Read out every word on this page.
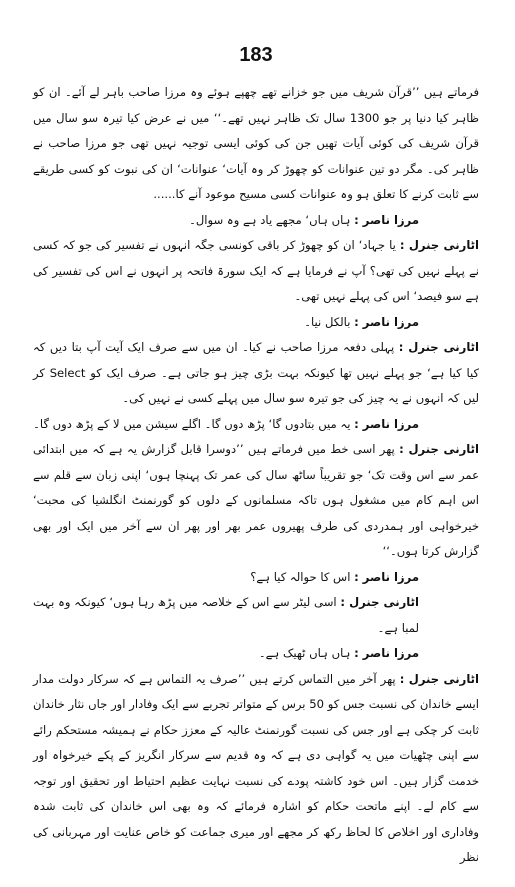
183

فرماتے ہیں ’’قرآن شریف میں جو خزانے تھے چھپے ہوئے وہ مرزا صاحب باہر لے آئے۔ ان کو ظاہر کیا دنیا پر جو 1300 سال تک ظاہر نہیں تھے۔‘‘ میں نے عرض کیا تیرہ سو سال میں قرآن شریف کی کوئی آیات تھیں جن کی کوئی ایسی توجیہ نہیں تھی جو مرزا صاحب نے ظاہر کی۔ مگر دو تین عنوانات کو چھوڑ کر وہ آیات‘ عنوانات‘ ان کی نبوت کو کسی طریقے سے ثابت کرنے کا تعلق ہو وہ عنوانات کسی مسیح موعود آنے کا......

مرزا ناصر : ہاں ہاں‘ مجھے یاد ہے وہ سوال۔

اٹارنی جنرل : یا جہاد‘ ان کو چھوڑ کر باقی کونسی جگہ انہوں نے تفسیر کی جو کہ کسی نے پہلے نہیں کی تھی؟ آپ نے فرمایا ہے کہ ایک سورۃ فاتحہ پر انہوں نے اس کی تفسیر کی ہے سو فیصد‘ اس کی پہلے نہیں تھی۔

مرزا ناصر : بالکل نیا۔

اٹارنی جنرل : پہلی دفعہ مرزا صاحب نے کیا۔ ان میں سے صرف ایک آیت آپ بتا دیں کہ کیا کیا ہے‘ جو پہلے نہیں تھا کیونکہ بہت بڑی چیز ہو جاتی ہے۔ صرف ایک کو Select کر لیں کہ انہوں نے یہ چیز کی جو تیرہ سو سال میں پہلے کسی نے نہیں کی۔

مرزا ناصر : یہ میں بتادوں گا‘ پڑھ دوں گا۔ اگلے سیشن میں لا کے پڑھ دوں گا۔

اٹارنی جنرل : پھر اسی خط میں فرماتے ہیں ’’دوسرا قابل گزارش یہ ہے کہ میں ابتدائی عمر سے اس وقت تک‘ جو تقریباً ساٹھ سال کی عمر تک پہنچا ہوں‘ اپنی زبان سے قلم سے اس اہم کام میں مشغول ہوں تاکہ مسلمانوں کے دلوں کو گورنمنٹ انگلشیا کی محبت‘ خیرخواہی اور ہمدردی کی طرف پھیروں عمر بھر اور پھر ان سے آخر میں ایک اور بھی گزارش کرتا ہوں۔‘‘

مرزا ناصر : اس کا حوالہ کیا ہے؟

اٹارنی جنرل : اسی لیٹر سے اس کے خلاصہ میں پڑھ رہا ہوں‘ کیونکہ وہ بہت لمبا ہے۔

مرزا ناصر : ہاں ہاں ٹھیک ہے۔

اٹارنی جنرل : پھر آخر میں التماس کرتے ہیں ’’صرف یہ التماس ہے کہ سرکار دولت مدار ایسے خاندان کی نسبت جس کو 50 برس کے متواتر تجربے سے ایک وفادار اور جاں نثار خاندان ثابت کر چکی ہے اور جس کی نسبت گورنمنٹ عالیہ کے معزز حکام نے ہمیشہ مستحکم رائے سے اپنی چٹھیات میں یہ گواہی دی ہے کہ وہ قدیم سے سرکار انگریز کے پکے خیرخواہ اور خدمت گزار ہیں۔ اس خود کاشتہ پودے کی نسبت نہایت عظیم احتیاط اور تحقیق اور توجہ سے کام لے۔ اپنے ماتحت حکام کو اشارہ فرمائے کہ وہ بھی اس خاندان کی ثابت شدہ وفاداری اور اخلاص کا لحاظ رکھ کر مجھے اور میری جماعت کو خاص عنایت اور مہربانی کی نظر
